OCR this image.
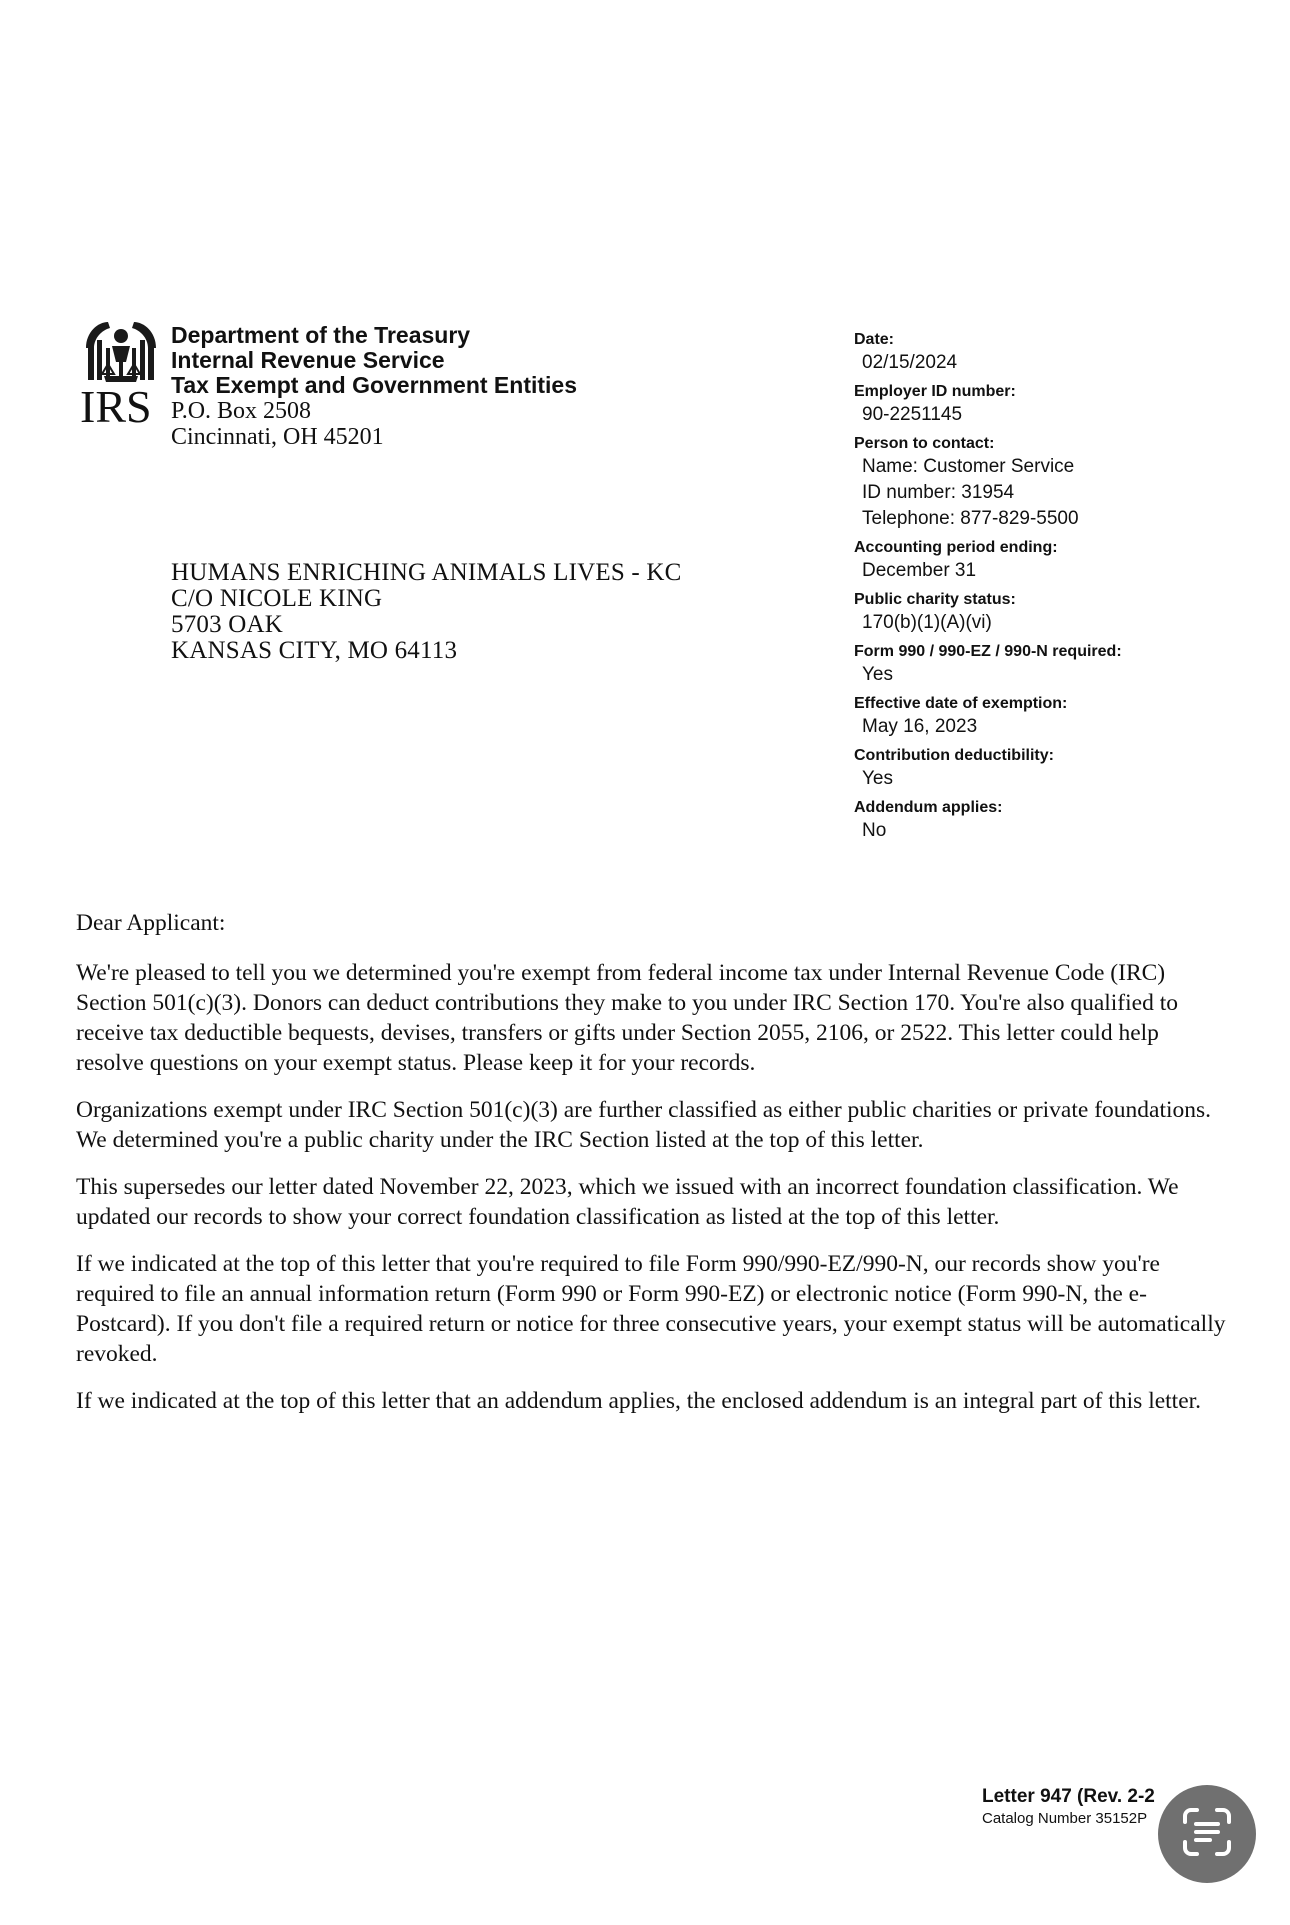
IRS

Department of the Treasury

Internal Revenue Service

Tax Exempt and Government Entities

P.O. Box 2508

Cincinnati, OH 45201

HUMANS ENRICHING ANIMALS LIVES - KC

C/O NICOLE KING

5703 OAK

KANSAS CITY, MO 64113

Date:

02/15/2024

Employer ID number:

90-2251145

Person to contact:

Name: Customer Service

ID number: 31954

Telephone: 877-829-5500

Accounting period ending:

December 31

Public charity status:

170(b)(1)(A)(vi)

Form 990 / 990-EZ / 990-N required:

Yes

Effective date of exemption:

May 16, 2023

Contribution deductibility:

Yes

Addendum applies:

No

Dear Applicant:

We're pleased to tell you we determined you're exempt from federal income tax under Internal Revenue Code (IRC) Section 501(c)(3). Donors can deduct contributions they make to you under IRC Section 170. You're also qualified to receive tax deductible bequests, devises, transfers or gifts under Section 2055, 2106, or 2522. This letter could help resolve questions on your exempt status. Please keep it for your records.

Organizations exempt under IRC Section 501(c)(3) are further classified as either public charities or private foundations. We determined you're a public charity under the IRC Section listed at the top of this letter.

This supersedes our letter dated November 22, 2023, which we issued with an incorrect foundation classification. We updated our records to show your correct foundation classification as listed at the top of this letter.

If we indicated at the top of this letter that you're required to file Form 990/990-EZ/990-N, our records show you're required to file an annual information return (Form 990 or Form 990-EZ) or electronic notice (Form 990-N, the e-Postcard). If you don't file a required return or notice for three consecutive years, your exempt status will be automatically revoked.

If we indicated at the top of this letter that an addendum applies, the enclosed addendum is an integral part of this letter.

Letter 947 (Rev. 2-2

Catalog Number 35152P
